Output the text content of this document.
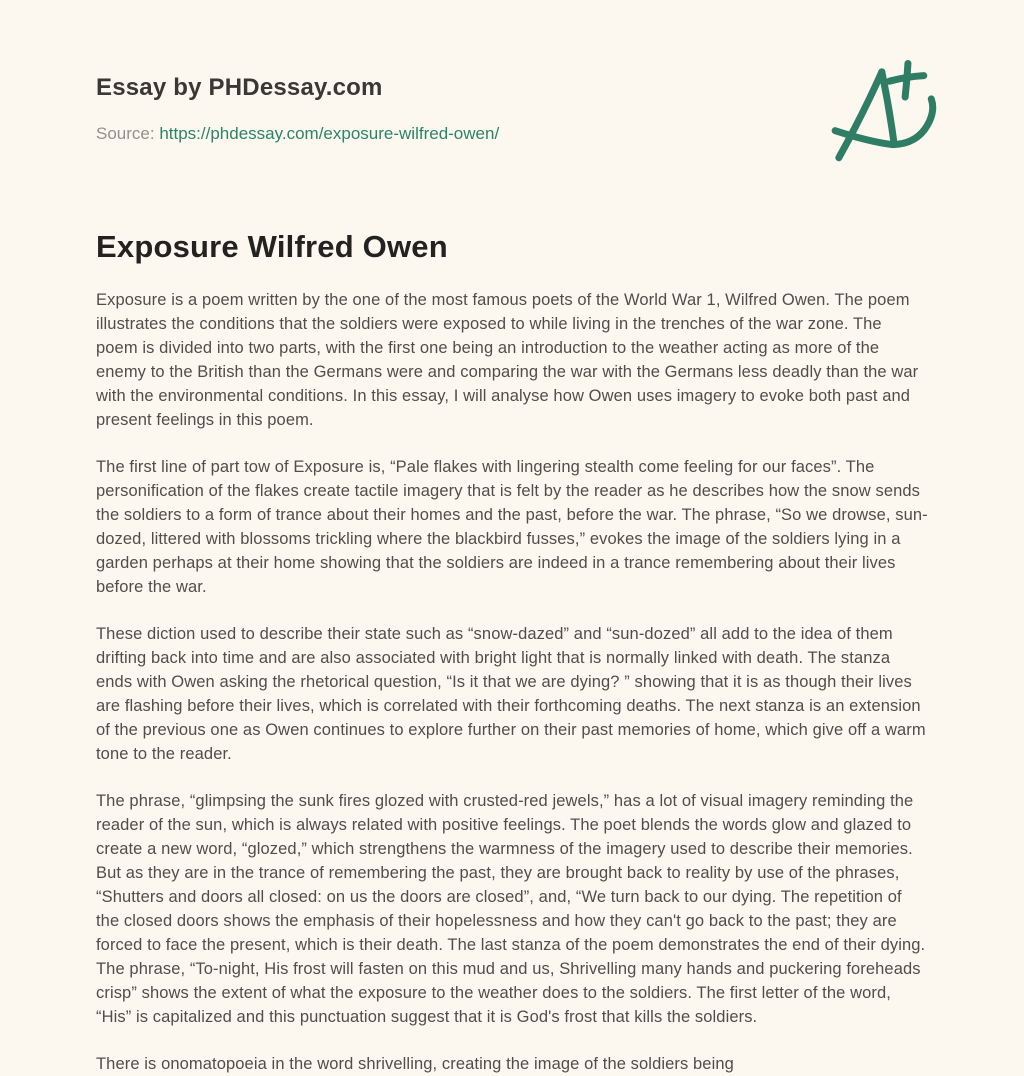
Essay by PHDessay.com
Source: https://phdessay.com/exposure-wilfred-owen/
Exposure Wilfred Owen

Exposure is a poem written by the one of the most famous poets of the World War 1, Wilfred Owen. The poem illustrates the conditions that the soldiers were exposed to while living in the trenches of the war zone. The poem is divided into two parts, with the first one being an introduction to the weather acting as more of the enemy to the British than the Germans were and comparing the war with the Germans less deadly than the war with the environmental conditions. In this essay, I will analyse how Owen uses imagery to evoke both past and present feelings in this poem.

The first line of part tow of Exposure is, “Pale flakes with lingering stealth come feeling for our faces”. The personification of the flakes create tactile imagery that is felt by the reader as he describes how the snow sends the soldiers to a form of trance about their homes and the past, before the war. The phrase, “So we drowse, sun-dozed, littered with blossoms trickling where the blackbird fusses,” evokes the image of the soldiers lying in a garden perhaps at their home showing that the soldiers are indeed in a trance remembering about their lives before the war.

These diction used to describe their state such as “snow-dazed” and “sun-dozed” all add to the idea of them drifting back into time and are also associated with bright light that is normally linked with death. The stanza ends with Owen asking the rhetorical question, “Is it that we are dying? ” showing that it is as though their lives are flashing before their lives, which is correlated with their forthcoming deaths. The next stanza is an extension of the previous one as Owen continues to explore further on their past memories of home, which give off a warm tone to the reader.

The phrase, “glimpsing the sunk fires glozed with crusted-red jewels,” has a lot of visual imagery reminding the reader of the sun, which is always related with positive feelings. The poet blends the words glow and glazed to create a new word, “glozed,” which strengthens the warmness of the imagery used to describe their memories. But as they are in the trance of remembering the past, they are brought back to reality by use of the phrases, “Shutters and doors all closed: on us the doors are closed”, and, “We turn back to our dying. The repetition of the closed doors shows the emphasis of their hopelessness and how they can't go back to the past; they are forced to face the present, which is their death. The last stanza of the poem demonstrates the end of their dying. The phrase, “To-night, His frost will fasten on this mud and us, Shrivelling many hands and puckering foreheads crisp” shows the extent of what the exposure to the weather does to the soldiers. The first letter of the word, “His” is capitalized and this punctuation suggest that it is God's frost that kills the soldiers.

There is onomatopoeia in the word shrivelling, creating the image of the soldiers being
